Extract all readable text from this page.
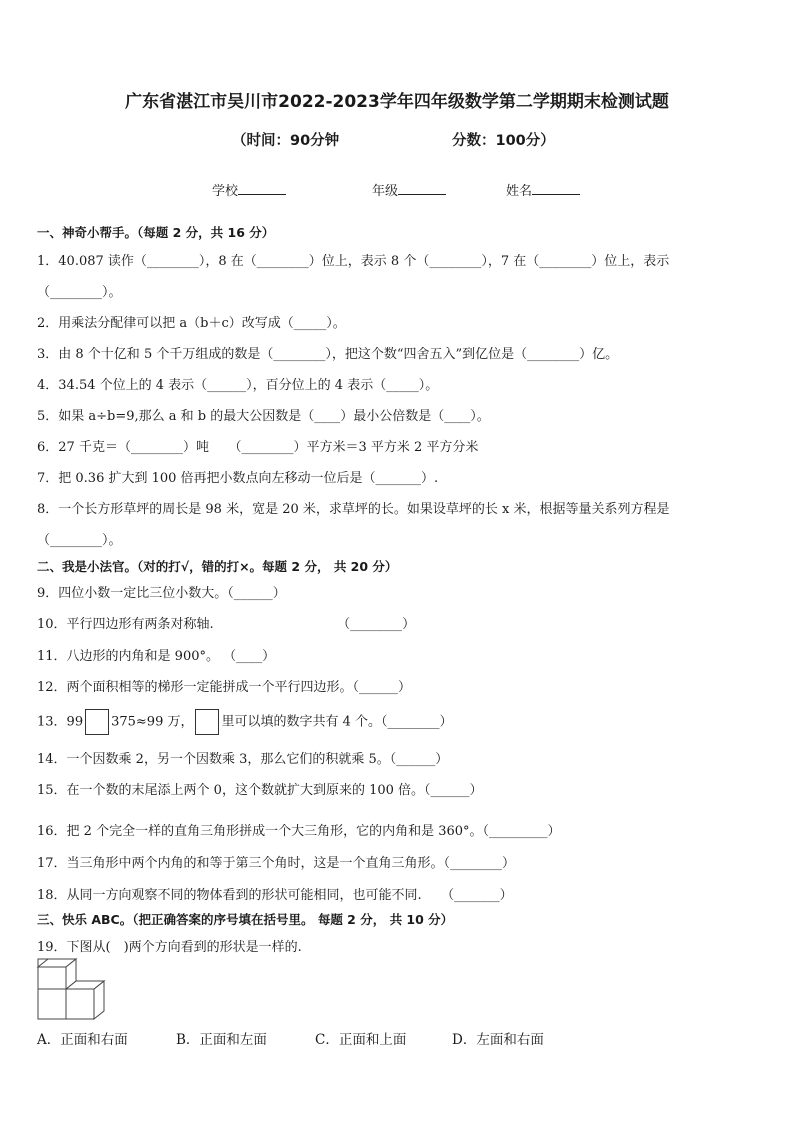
广东省湛江市吴川市2022-2023学年四年级数学第二学期期末检测试题
（时间：90分钟	分数：100分）
学校	年级	姓名
一、神奇小帮手。（每题 2 分，共 16 分）
1．40.087 读作（________），8 在（________）位上，表示 8 个（________），7 在（________）位上，表示
（________）。
2．用乘法分配律可以把 a（b＋c）改写成（_____）。
3．由 8 个十亿和 5 个千万组成的数是（________），把这个数“四舍五入”到亿位是（________）亿。
4．34.54 个位上的 4 表示（______），百分位上的 4 表示（_____）。
5．如果 a÷b=9,那么 a 和 b 的最大公因数是（____）最小公倍数是（____）。
6．27 千克＝（________）吨　　（________）平方米＝3 平方米 2 平方分米
7．把 0.36 扩大到 100 倍再把小数点向左移动一位后是（_______）.
8．一个长方形草坪的周长是 98 米，宽是 20 米，求草坪的长。如果设草坪的长 x 米，根据等量关系列方程是
（________）。
二、我是小法官。（对的打√，错的打×。每题 2 分， 共 20 分）
9．四位小数一定比三位小数大。（______）
10．平行四边形有两条对称轴.　　　　　　　　　　（________）
11．八边形的内角和是 900°。 （____）
12．两个面积相等的梯形一定能拼成一个平行四边形。（______）
13．99 375≈99 万， 里可以填的数字共有 4 个。（________）
14．一个因数乘 2，另一个因数乘 3，那么它们的积就乘 5。（______）
15．在一个数的末尾添上两个 0，这个数就扩大到原来的 100 倍。（______）
16．把 2 个完全一样的直角三角形拼成一个大三角形，它的内角和是 360°。（_________）
17．当三角形中两个内角的和等于第三个角时，这是一个直角三角形。（________）
18．从同一方向观察不同的物体看到的形状可能相同，也可能不同.　　（_______）
三、快乐 ABC。（把正确答案的序号填在括号里。 每题 2 分， 共 10 分）
19．下图从(　)两个方向看到的形状是一样的.
A．正面和右面	B．正面和左面	C．正面和上面	D．左面和右面
